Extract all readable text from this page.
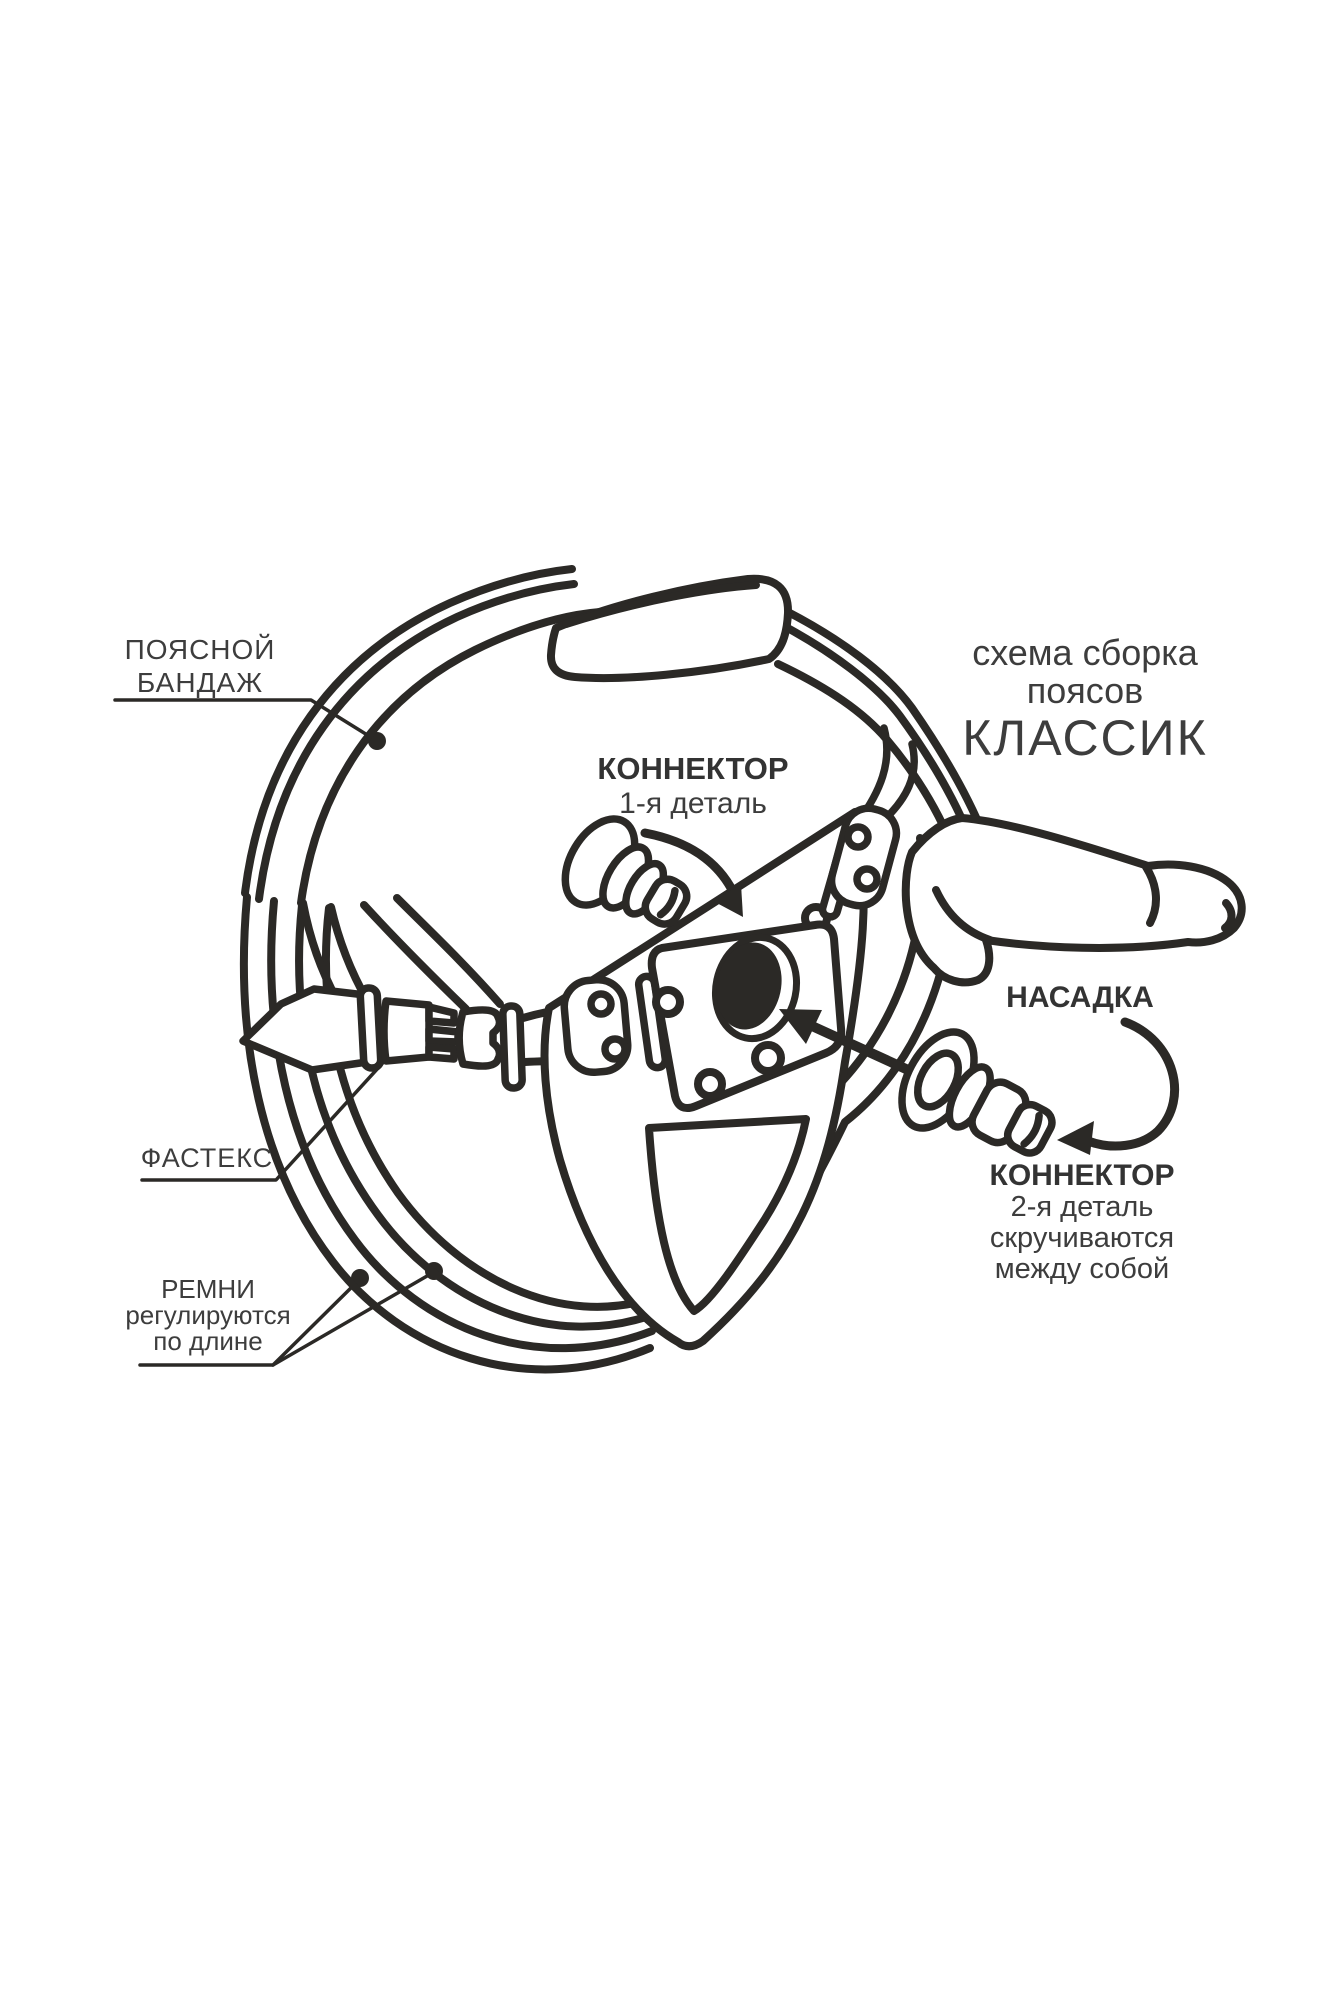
ПОЯСНОЙ
БАНДАЖ
схема сборка
поясов
КЛАССИК
КОННЕКТОР
1-я деталь
НАСАДКА
КОННЕКТОР
2-я деталь
скручиваются
между собой
ФАСТЕКС
РЕМНИ
регулируются
по длине
